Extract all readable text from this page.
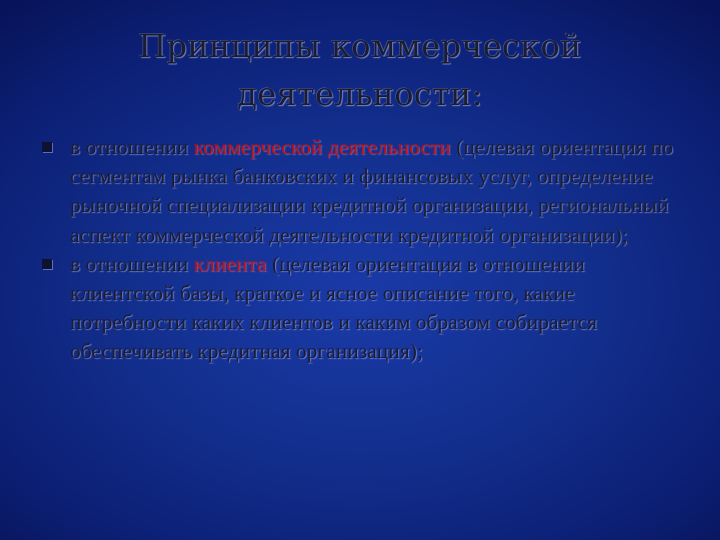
Принципы коммерческой
деятельности:
в отношении коммерческой деятельности (целевая ориентация по сегментам рынка банковских и финансовых услуг, определение рыночной специализации кредитной организации, региональный аспект коммерческой деятельности кредитной организации);
в отношении клиента (целевая ориентация в отношении клиентской базы, краткое и ясное описание того, какие потребности каких клиентов и каким образом собирается обеспечивать кредитная организация);
